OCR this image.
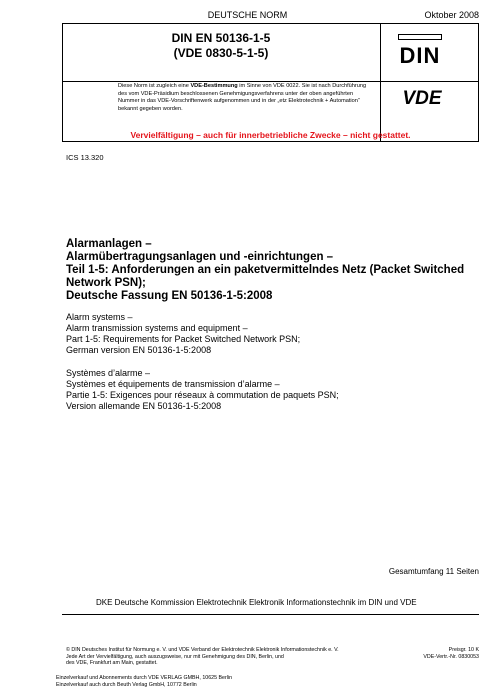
DEUTSCHE NORM	Oktober 2008
DIN EN 50136-1-5
(VDE 0830-5-1-5)	DIN
VDE
Diese Norm ist zugleich eine VDE-Bestimmung im Sinne von VDE 0022. Sie ist nach Durchführung des vom VDE-Präsidium beschlossenen Genehmigungsverfahrens unter der oben angeführten Nummer in das VDE-Vorschriftenwerk aufgenommen und in der „etz Elektrotechnik + Automation“ bekannt gegeben worden.
Vervielfältigung – auch für innerbetriebliche Zwecke – nicht gestattet.
ICS 13.320
Alarmanlagen –
Alarmübertragungsanlagen und -einrichtungen –
Teil 1-5: Anforderungen an ein paketvermittelndes Netz (Packet Switched
Network PSN);
Deutsche Fassung EN 50136-1-5:2008
Alarm systems –
Alarm transmission systems and equipment –
Part 1-5: Requirements for Packet Switched Network PSN;
German version EN 50136-1-5:2008
Systèmes d’alarme –
Systèmes et équipements de transmission d’alarme –
Partie 1-5: Exigences pour réseaux à commutation de paquets PSN;
Version allemande EN 50136-1-5:2008
Gesamtumfang 11 Seiten
DKE Deutsche Kommission Elektrotechnik Elektronik Informationstechnik im DIN und VDE
© DIN Deutsches Institut für Normung e. V. und VDE Verband der Elektrotechnik Elektronik Informationstechnik e. V.
Jede Art der Vervielfältigung, auch auszugsweise, nur mit Genehmigung des DIN, Berlin, und
des VDE, Frankfurt am Main, gestattet.
Preisgr. 10 K
VDE-Vertr.-Nr. 0830053
Einzelverkauf und Abonnements durch VDE VERLAG GMBH, 10625 Berlin
Einzelverkauf auch durch Beuth Verlag GmbH, 10772 Berlin
